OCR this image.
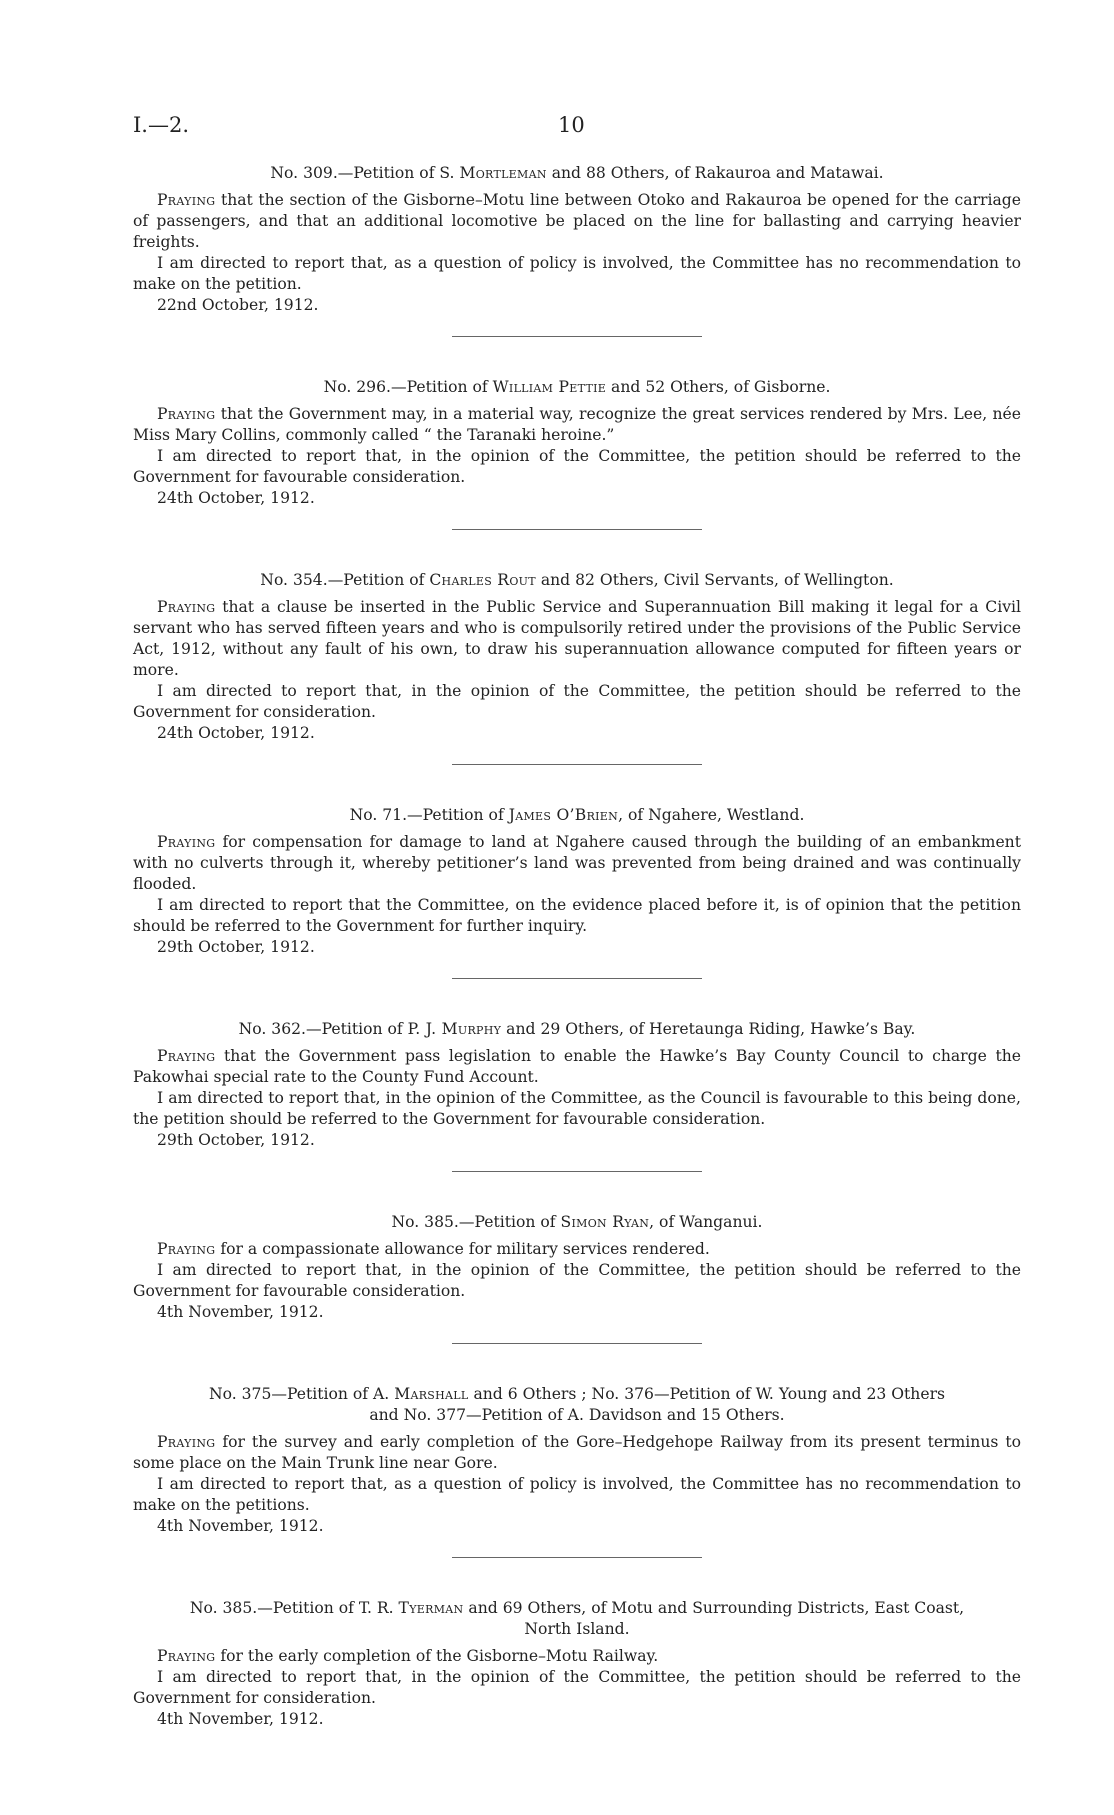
I.—2.	10
No. 309.—Petition of S. Mortleman and 88 Others, of Rakauroa and Matawai.

Praying that the section of the Gisborne–Motu line between Otoko and Rakauroa be opened for the carriage of passengers, and that an additional locomotive be placed on the line for ballasting and carrying heavier freights.

I am directed to report that, as a question of policy is involved, the Committee has no recommendation to make on the petition.

22nd October, 1912.

No. 296.—Petition of William Pettie and 52 Others, of Gisborne.

Praying that the Government may, in a material way, recognize the great services rendered by Mrs. Lee, née Miss Mary Collins, commonly called “ the Taranaki heroine.”

I am directed to report that, in the opinion of the Committee, the petition should be referred to the Government for favourable consideration.

24th October, 1912.

No. 354.—Petition of Charles Rout and 82 Others, Civil Servants, of Wellington.

Praying that a clause be inserted in the Public Service and Superannuation Bill making it legal for a Civil servant who has served fifteen years and who is compulsorily retired under the provisions of the Public Service Act, 1912, without any fault of his own, to draw his superannuation allowance computed for fifteen years or more.

I am directed to report that, in the opinion of the Committee, the petition should be referred to the Government for consideration.

24th October, 1912.

No. 71.—Petition of James O’Brien, of Ngahere, Westland.

Praying for compensation for damage to land at Ngahere caused through the building of an embankment with no culverts through it, whereby petitioner’s land was prevented from being drained and was continually flooded.

I am directed to report that the Committee, on the evidence placed before it, is of opinion that the petition should be referred to the Government for further inquiry.

29th October, 1912.

No. 362.—Petition of P. J. Murphy and 29 Others, of Heretaunga Riding, Hawke’s Bay.

Praying that the Government pass legislation to enable the Hawke’s Bay County Council to charge the Pakowhai special rate to the County Fund Account.

I am directed to report that, in the opinion of the Committee, as the Council is favourable to this being done, the petition should be referred to the Government for favourable consideration.

29th October, 1912.

No. 385.—Petition of Simon Ryan, of Wanganui.

Praying for a compassionate allowance for military services rendered.

I am directed to report that, in the opinion of the Committee, the petition should be referred to the Government for favourable consideration.

4th November, 1912.

No. 375—Petition of A. Marshall and 6 Others ; No. 376—Petition of W. Young and 23 Others
and No. 377—Petition of A. Davidson and 15 Others.

Praying for the survey and early completion of the Gore–Hedgehope Railway from its present terminus to some place on the Main Trunk line near Gore.

I am directed to report that, as a question of policy is involved, the Committee has no recommendation to make on the petitions.

4th November, 1912.

No. 385.—Petition of T. R. Tyerman and 69 Others, of Motu and Surrounding Districts, East Coast,
North Island.

Praying for the early completion of the Gisborne–Motu Railway.

I am directed to report that, in the opinion of the Committee, the petition should be referred to the Government for consideration.

4th November, 1912.
